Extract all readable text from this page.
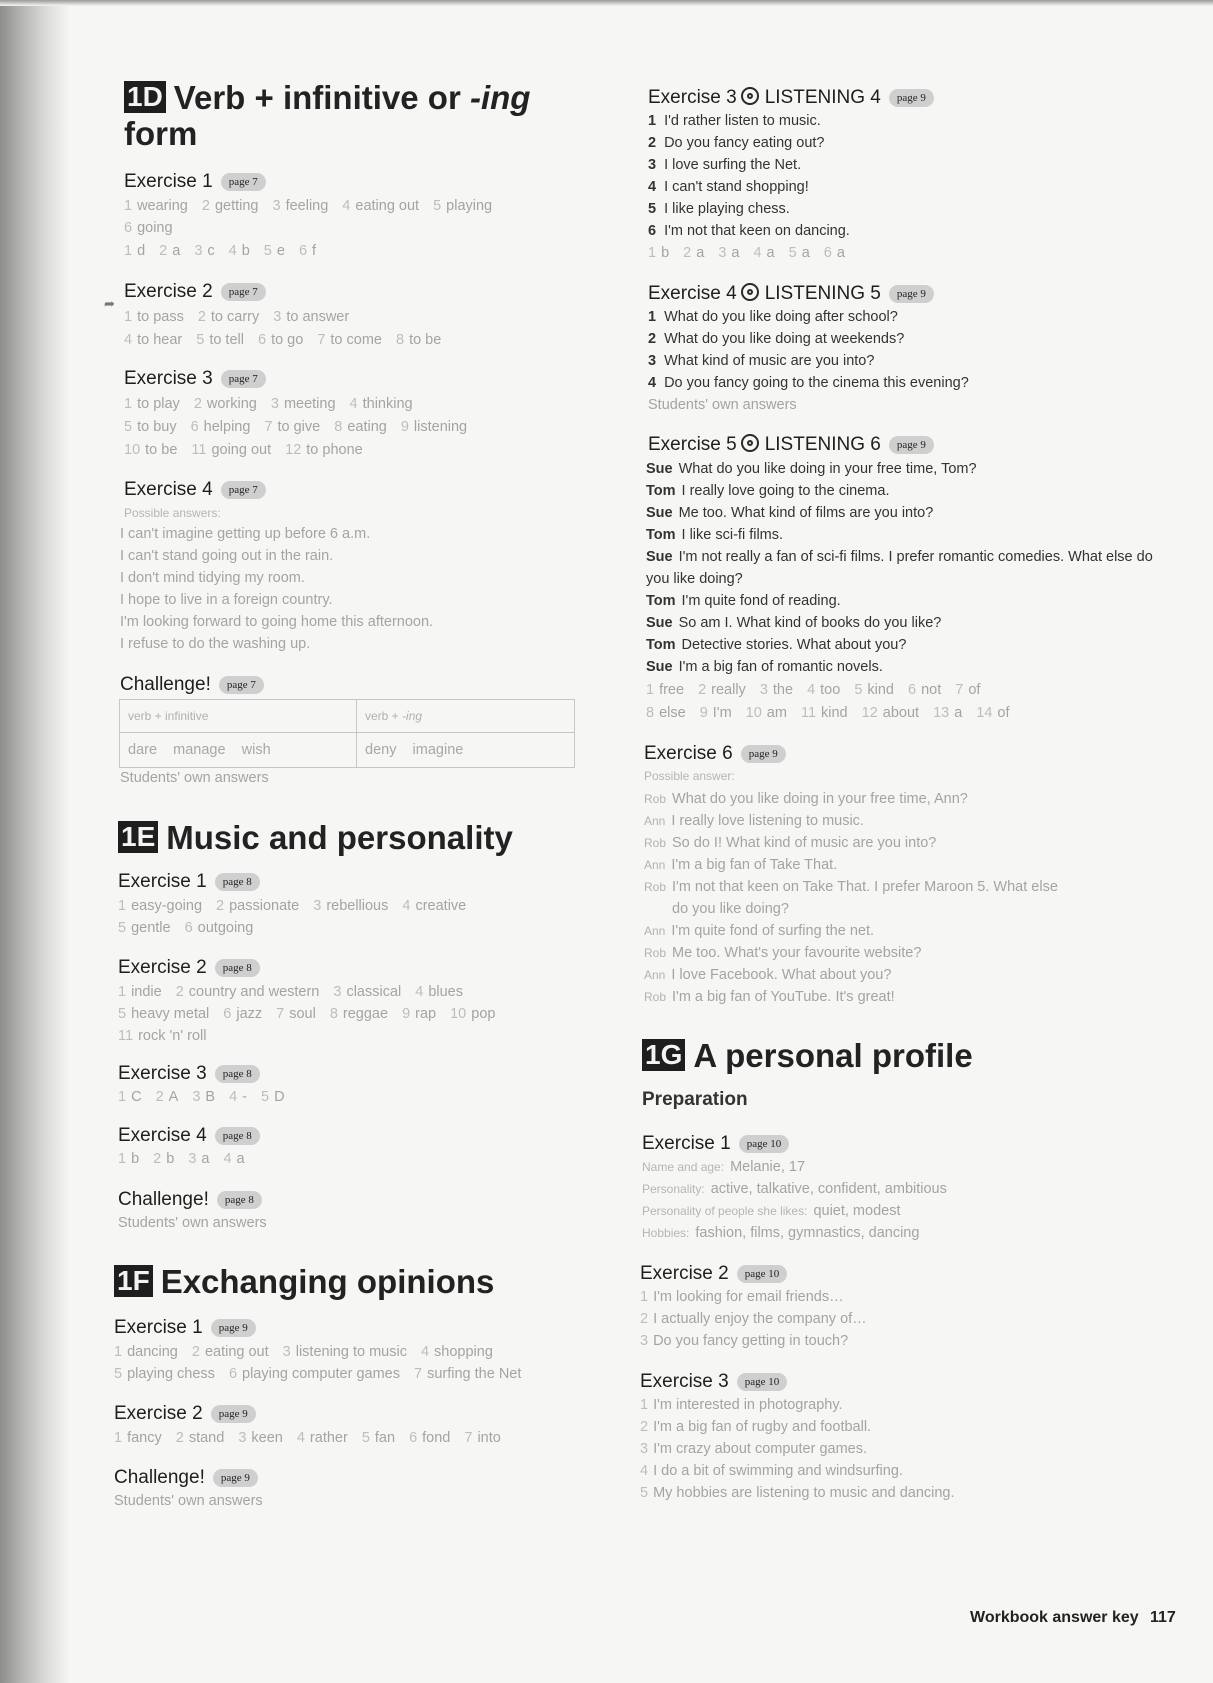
➦
1D Verb + infinitive or -ing
form
Exercise 1 page 7
1 wearing 2 getting 3 feeling 4 eating out 5 playing
6 going
1 d 2 a 3 c 4 b 5 e 6 f
Exercise 2 page 7
1 to pass 2 to carry 3 to answer
4 to hear 5 to tell 6 to go 7 to come 8 to be
Exercise 3 page 7
1 to play 2 working 3 meeting 4 thinking
5 to buy 6 helping 7 to give 8 eating 9 listening
10 to be 11 going out 12 to phone
Exercise 4 page 7
Possible answers:
I can't imagine getting up before 6 a.m.
I can't stand going out in the rain.
I don't mind tidying my room.
I hope to live in a foreign country.
I'm looking forward to going home this afternoon.
I refuse to do the washing up.
Challenge! page 7
verb + infinitive	verb + -ing
dare    manage    wish	deny    imagine
Students' own answers
1E Music and personality
Exercise 1 page 8
1 easy-going 2 passionate 3 rebellious 4 creative
5 gentle 6 outgoing
Exercise 2 page 8
1 indie 2 country and western 3 classical 4 blues
5 heavy metal 6 jazz 7 soul 8 reggae 9 rap 10 pop
11 rock 'n' roll
Exercise 3 page 8
1 C 2 A 3 B 4 - 5 D
Exercise 4 page 8
1 b 2 b 3 a 4 a
Challenge! page 8
Students' own answers
1F Exchanging opinions
Exercise 1 page 9
1 dancing 2 eating out 3 listening to music 4 shopping
5 playing chess 6 playing computer games 7 surfing the Net
Exercise 2 page 9
1 fancy 2 stand 3 keen 4 rather 5 fan 6 fond 7 into
Challenge! page 9
Students' own answers
Exercise 3 LISTENING 4 page 9
1 I'd rather listen to music.
2 Do you fancy eating out?
3 I love surfing the Net.
4 I can't stand shopping!
5 I like playing chess.
6 I'm not that keen on dancing.
1 b 2 a 3 a 4 a 5 a 6 a
Exercise 4 LISTENING 5 page 9
1 What do you like doing after school?
2 What do you like doing at weekends?
3 What kind of music are you into?
4 Do you fancy going to the cinema this evening?
Students' own answers
Exercise 5 LISTENING 6 page 9
Sue What do you like doing in your free time, Tom?
Tom I really love going to the cinema.
Sue Me too. What kind of films are you into?
Tom I like sci-fi films.
Sue I'm not really a fan of sci-fi films. I prefer romantic comedies. What else do
you like doing?
Tom I'm quite fond of reading.
Sue So am I. What kind of books do you like?
Tom Detective stories. What about you?
Sue I'm a big fan of romantic novels.
1 free 2 really 3 the 4 too 5 kind 6 not 7 of
8 else 9 I'm 10 am 11 kind 12 about 13 a 14 of
Exercise 6 page 9
Possible answer:
Rob What do you like doing in your free time, Ann?
Ann I really love listening to music.
Rob So do I! What kind of music are you into?
Ann I'm a big fan of Take That.
Rob I'm not that keen on Take That. I prefer Maroon 5. What else
do you like doing?
Ann I'm quite fond of surfing the net.
Rob Me too. What's your favourite website?
Ann I love Facebook. What about you?
Rob I'm a big fan of YouTube. It's great!
1G A personal profile
Preparation
Exercise 1 page 10
Name and age: Melanie, 17
Personality: active, talkative, confident, ambitious
Personality of people she likes: quiet, modest
Hobbies: fashion, films, gymnastics, dancing
Exercise 2 page 10
1 I'm looking for email friends…
2 I actually enjoy the company of…
3 Do you fancy getting in touch?
Exercise 3 page 10
1 I'm interested in photography.
2 I'm a big fan of rugby and football.
3 I'm crazy about computer games.
4 I do a bit of swimming and windsurfing.
5 My hobbies are listening to music and dancing.
Workbook answer key 117
